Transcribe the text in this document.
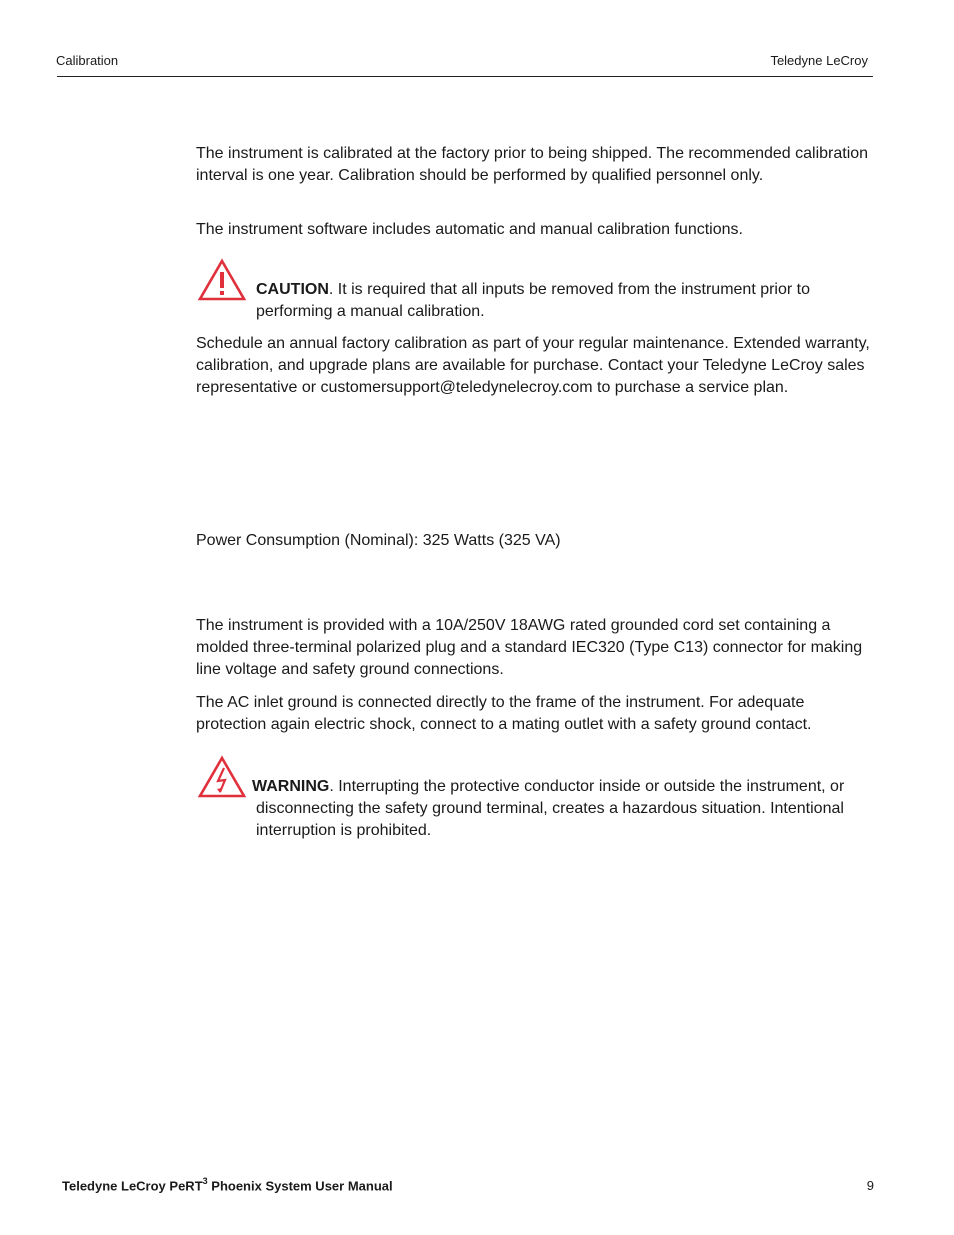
Calibration	Teledyne LeCroy

The instrument is calibrated at the factory prior to being shipped. The recommended calibration interval is one year. Calibration should be performed by qualified personnel only.

The instrument software includes automatic and manual calibration functions.

CAUTION. It is required that all inputs be removed from the instrument prior to performing a manual calibration.

Schedule an annual factory calibration as part of your regular maintenance. Extended warranty, calibration, and upgrade plans are available for purchase. Contact your Teledyne LeCroy sales representative or customersupport@teledynelecroy.com to purchase a service plan.

Power Consumption (Nominal): 325 Watts (325 VA)

The instrument is provided with a 10A/250V 18AWG rated grounded cord set containing a molded three-terminal polarized plug and a standard IEC320 (Type C13) connector for making line voltage and safety ground connections.

The AC inlet ground is connected directly to the frame of the instrument. For adequate protection again electric shock, connect to a mating outlet with a safety ground contact.

WARNING. Interrupting the protective conductor inside or outside the instrument, or disconnecting the safety ground terminal, creates a hazardous situation. Intentional interruption is prohibited.

Teledyne LeCroy PeRT$^3$ Phoenix System User Manual	9
